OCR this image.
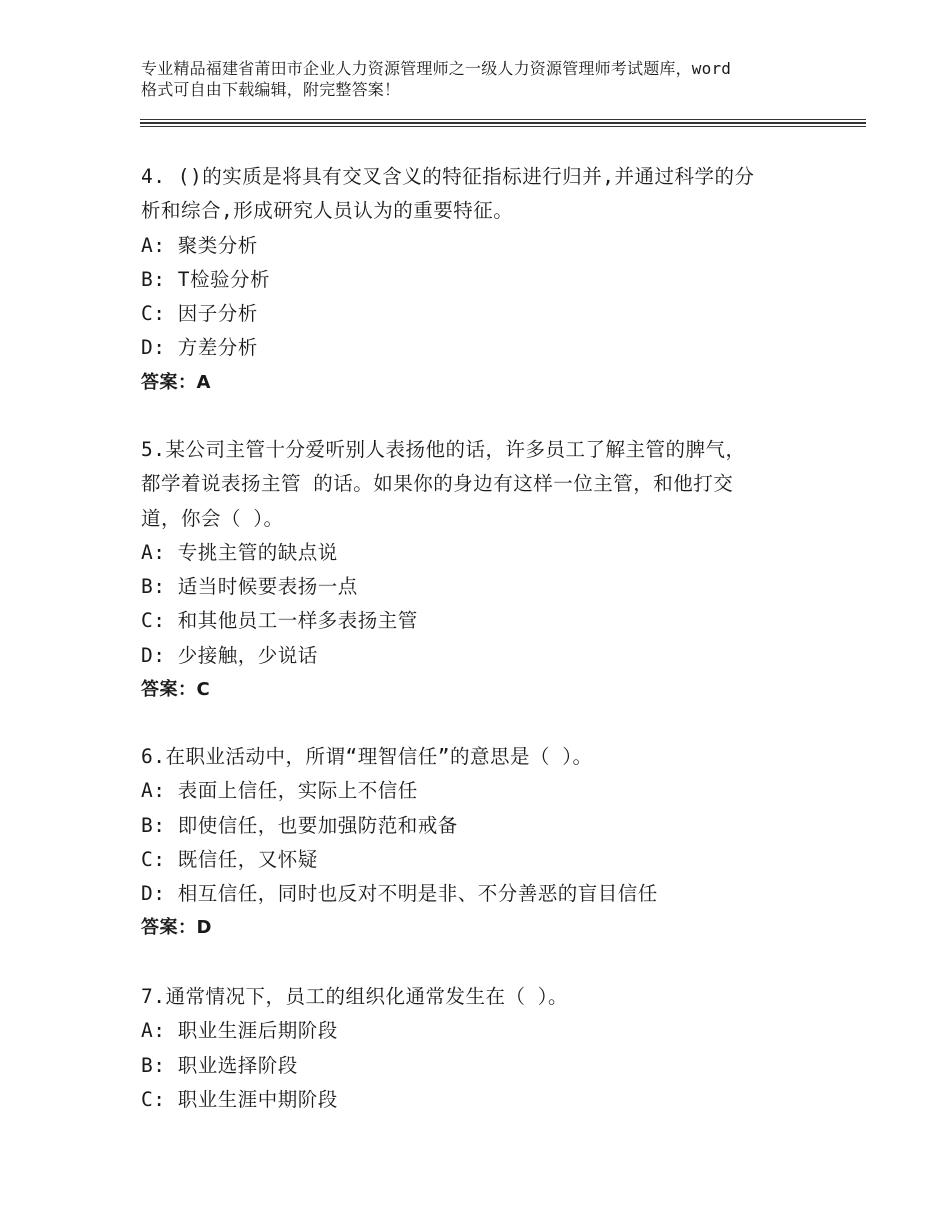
专业精品福建省莆田市企业人力资源管理师之一级人力资源管理师考试题库，word
格式可自由下载编辑，附完整答案！
4. ()的实质是将具有交叉含义的特征指标进行归并,并通过科学的分
析和综合,形成研究人员认为的重要特征。
A: 聚类分析
B: T检验分析
C: 因子分析
D: 方差分析
答案：A
5.某公司主管十分爱听别人表扬他的话，许多员工了解主管的脾气，
都学着说表扬主管 的话。如果你的身边有这样一位主管，和他打交
道，你会（ ）。
A: 专挑主管的缺点说
B: 适当时候要表扬一点
C: 和其他员工一样多表扬主管
D: 少接触，少说话
答案：C
6.在职业活动中，所谓“理智信任”的意思是（ ）。
A: 表面上信任，实际上不信任
B: 即使信任，也要加强防范和戒备
C: 既信任，又怀疑
D: 相互信任，同时也反对不明是非、不分善恶的盲目信任
答案：D
7.通常情况下，员工的组织化通常发生在（ ）。
A: 职业生涯后期阶段
B: 职业选择阶段
C: 职业生涯中期阶段
